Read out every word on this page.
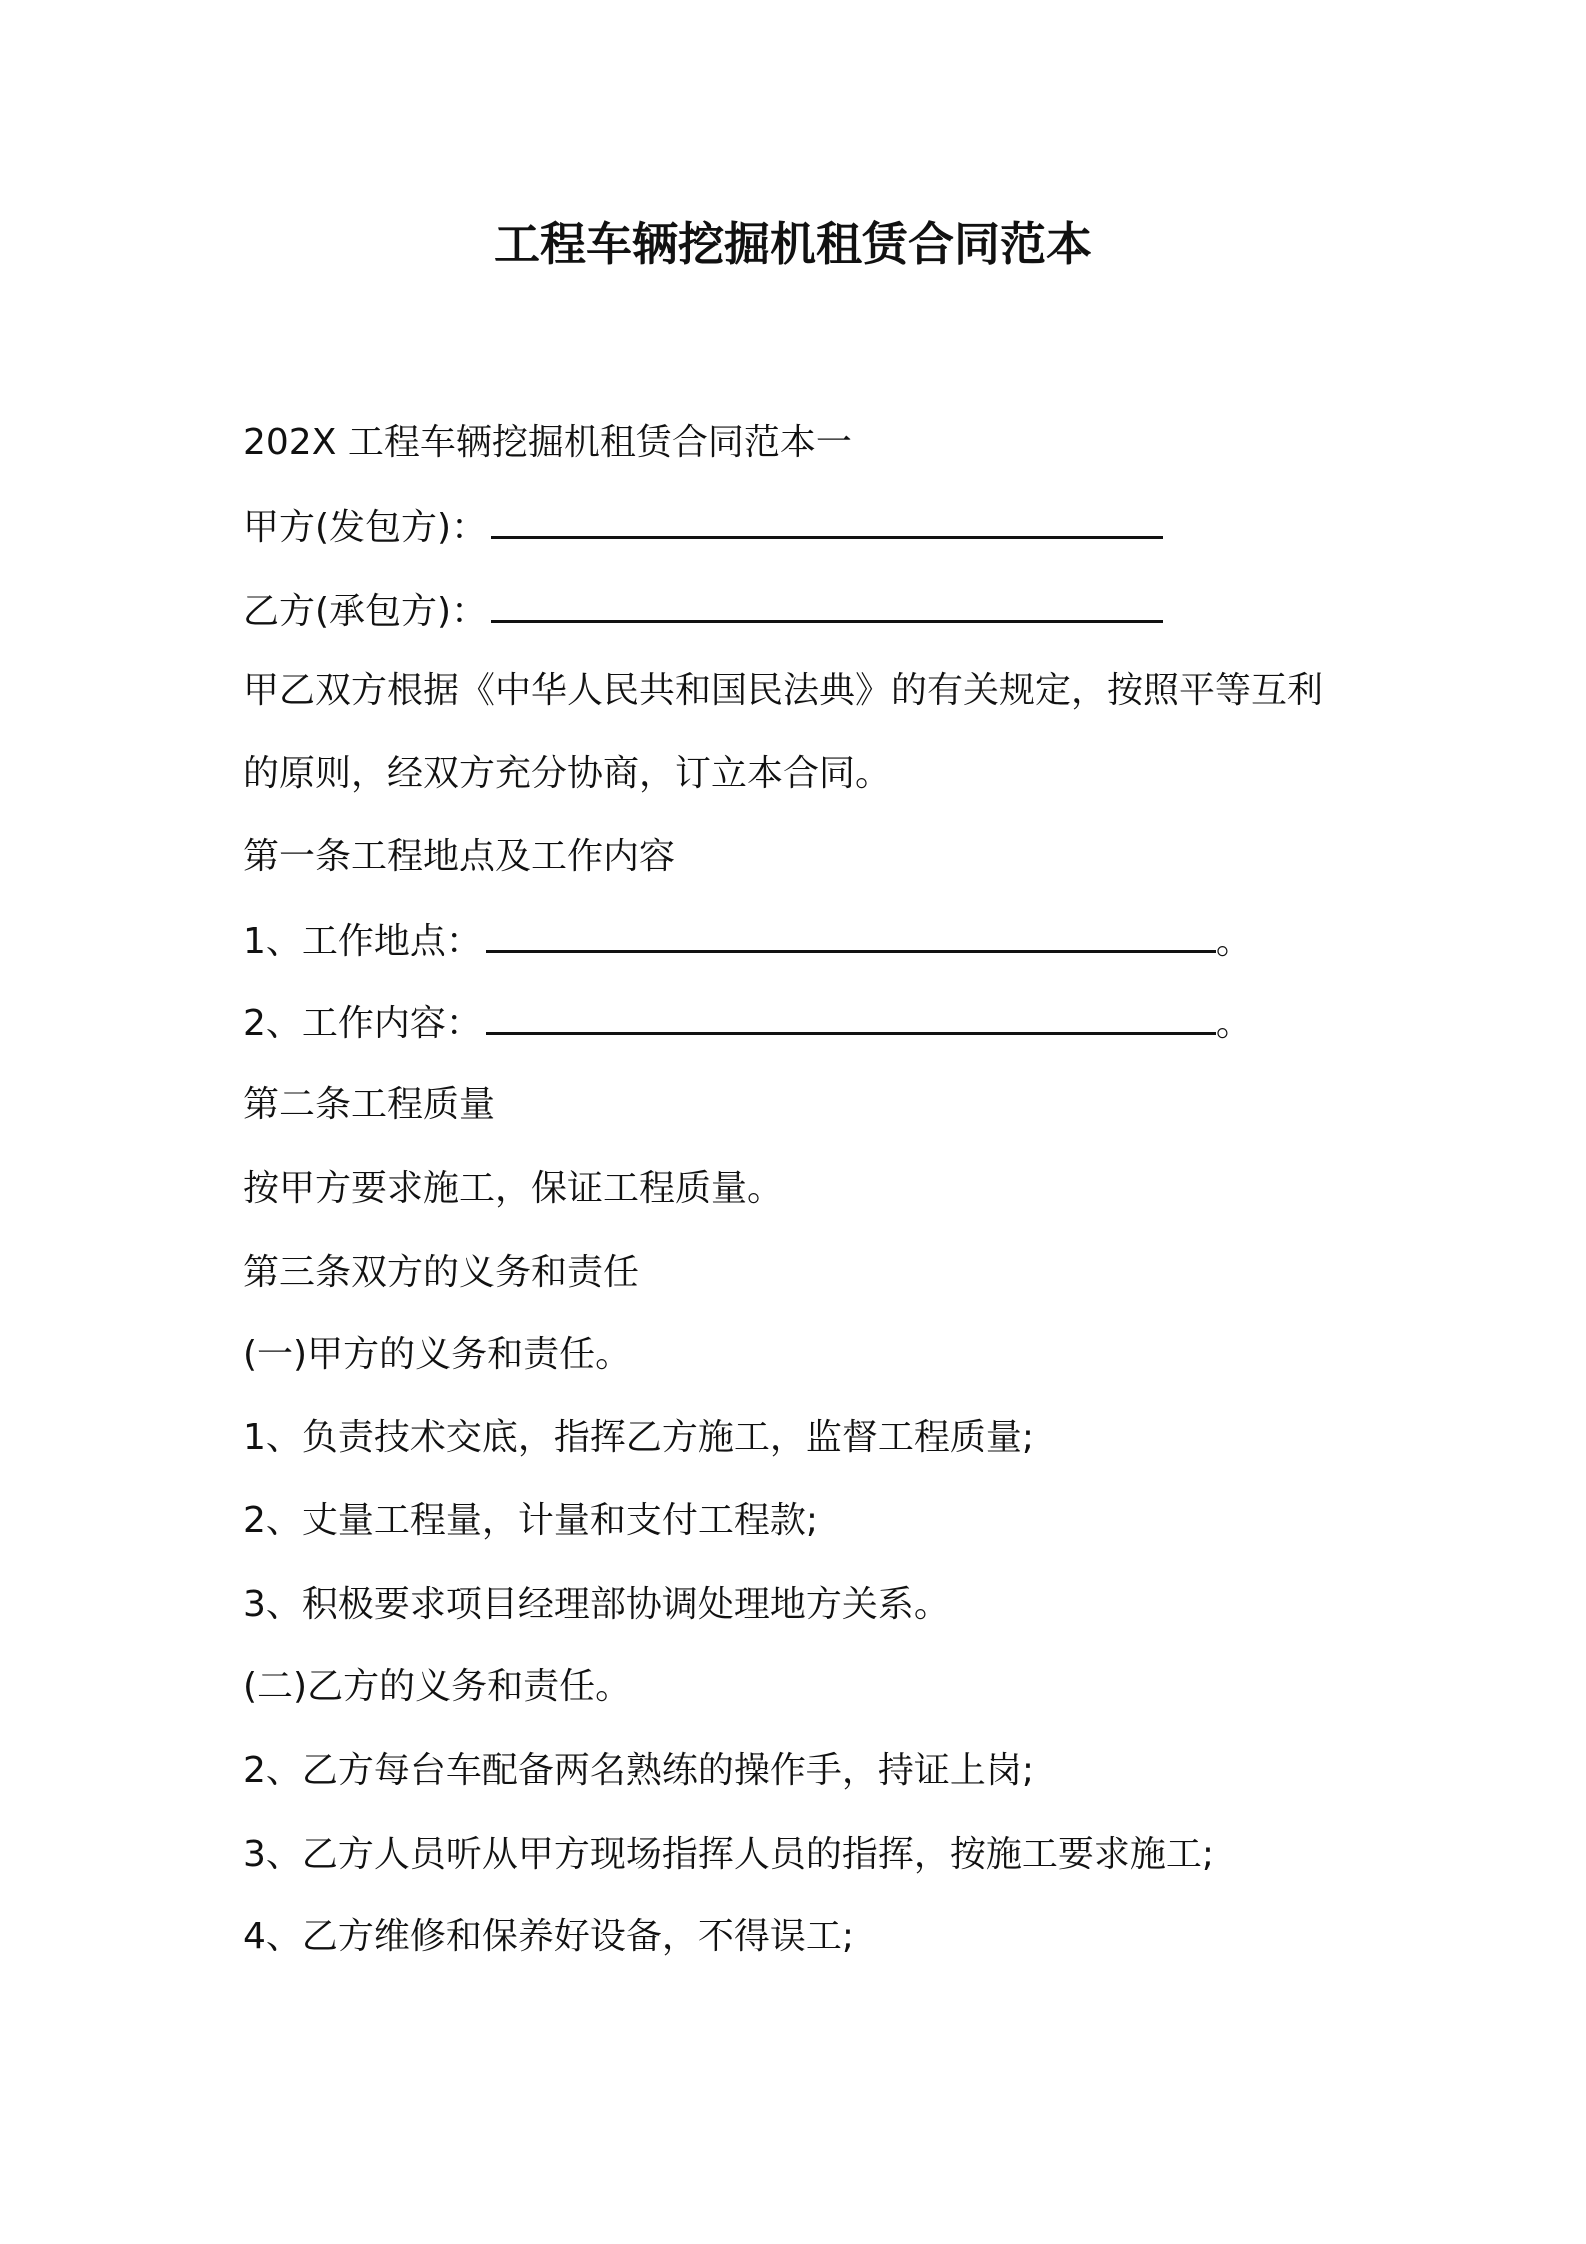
工程车辆挖掘机租赁合同范本
202X 工程车辆挖掘机租赁合同范本一
甲方(发包方)：
乙方(承包方)：
甲乙双方根据《中华人民共和国民法典》的有关规定，按照平等互利
的原则，经双方充分协商，订立本合同。
第一条工程地点及工作内容
1、工作地点：	。
2、工作内容：	。
第二条工程质量
按甲方要求施工，保证工程质量。
第三条双方的义务和责任
(一)甲方的义务和责任。
1、负责技术交底，指挥乙方施工，监督工程质量;
2、丈量工程量，计量和支付工程款;
3、积极要求项目经理部协调处理地方关系。
(二)乙方的义务和责任。
2、乙方每台车配备两名熟练的操作手，持证上岗;
3、乙方人员听从甲方现场指挥人员的指挥，按施工要求施工;
4、乙方维修和保养好设备，不得误工;
